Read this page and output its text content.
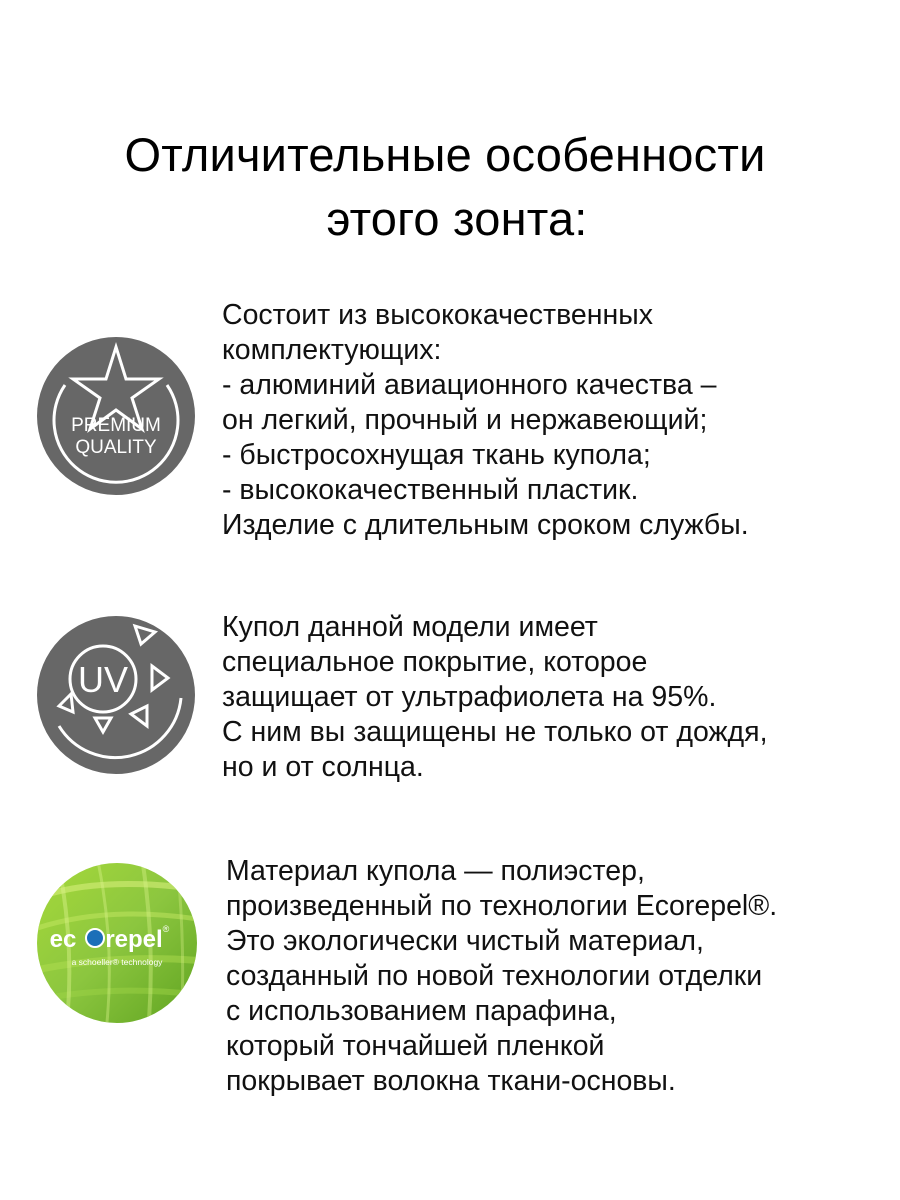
Отличительные особенности
этого зонта:
PREMIUM
QUALITY
Состоит из высококачественных
комплектующих:
- алюминий авиационного качества –
он легкий, прочный и нержавеющий;
- быстросохнущая ткань купола;
- высококачественный пластик.
Изделие с длительным сроком службы.
UV
Купол данной модели имеет
специальное покрытие, которое
защищает от ультрафиолета на 95%.
С ним вы защищены не только от дождя,
но и от солнца.
ec repel ®
a schoeller® technology
Материал купола — полиэстер,
произведенный по технологии Ecorepel®.
Это экологически чистый материал,
созданный по новой технологии отделки
с использованием парафина,
который тончайшей пленкой
покрывает волокна ткани-основы.
